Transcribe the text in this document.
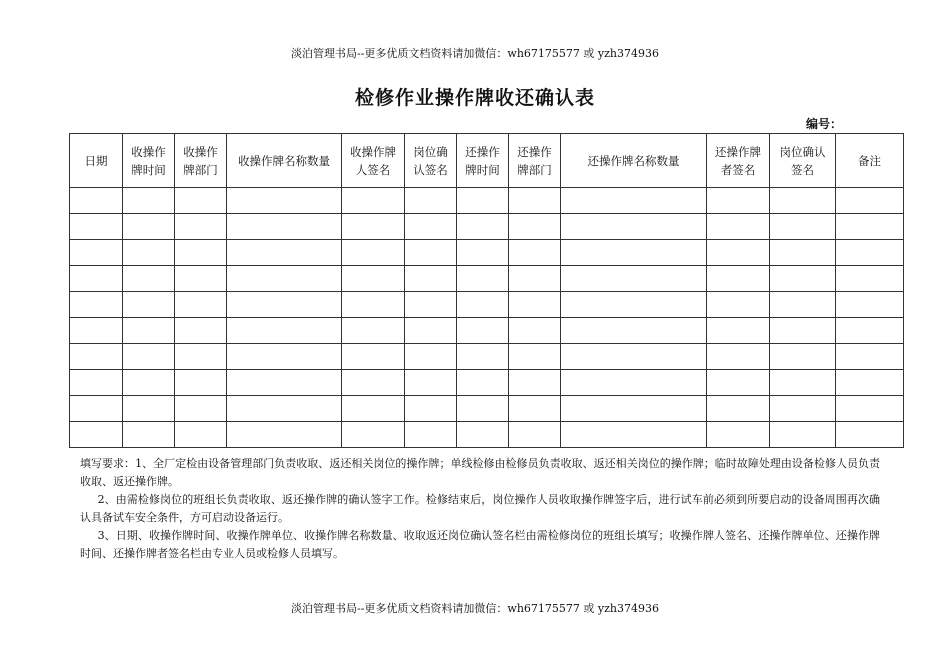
淡泊管理书局--更多优质文档资料请加微信：wh67175577 或 yzh374936
检修作业操作牌收还确认表
编号：
日期	收操作牌时间	收操作牌部门	收操作牌名称数量	收操作牌人签名	岗位确认签名	还操作牌时间	还操作牌部门	还操作牌名称数量	还操作牌者签名	岗位确认签名	备注

填写要求：1、全厂定检由设备管理部门负责收取、返还相关岗位的操作牌；单线检修由检修员负责收取、返还相关岗位的操作牌；临时故障处理由设备检修人员负责收取、返还操作牌。

2、由需检修岗位的班组长负责收取、返还操作牌的确认签字工作。检修结束后，岗位操作人员收取操作牌签字后，进行试车前必须到所要启动的设备周围再次确认具备试车安全条件，方可启动设备运行。

3、日期、收操作牌时间、收操作牌单位、收操作牌名称数量、收取返还岗位确认签名栏由需检修岗位的班组长填写；收操作牌人签名、还操作牌单位、还操作牌时间、还操作牌者签名栏由专业人员或检修人员填写。

淡泊管理书局--更多优质文档资料请加微信：wh67175577 或 yzh374936
